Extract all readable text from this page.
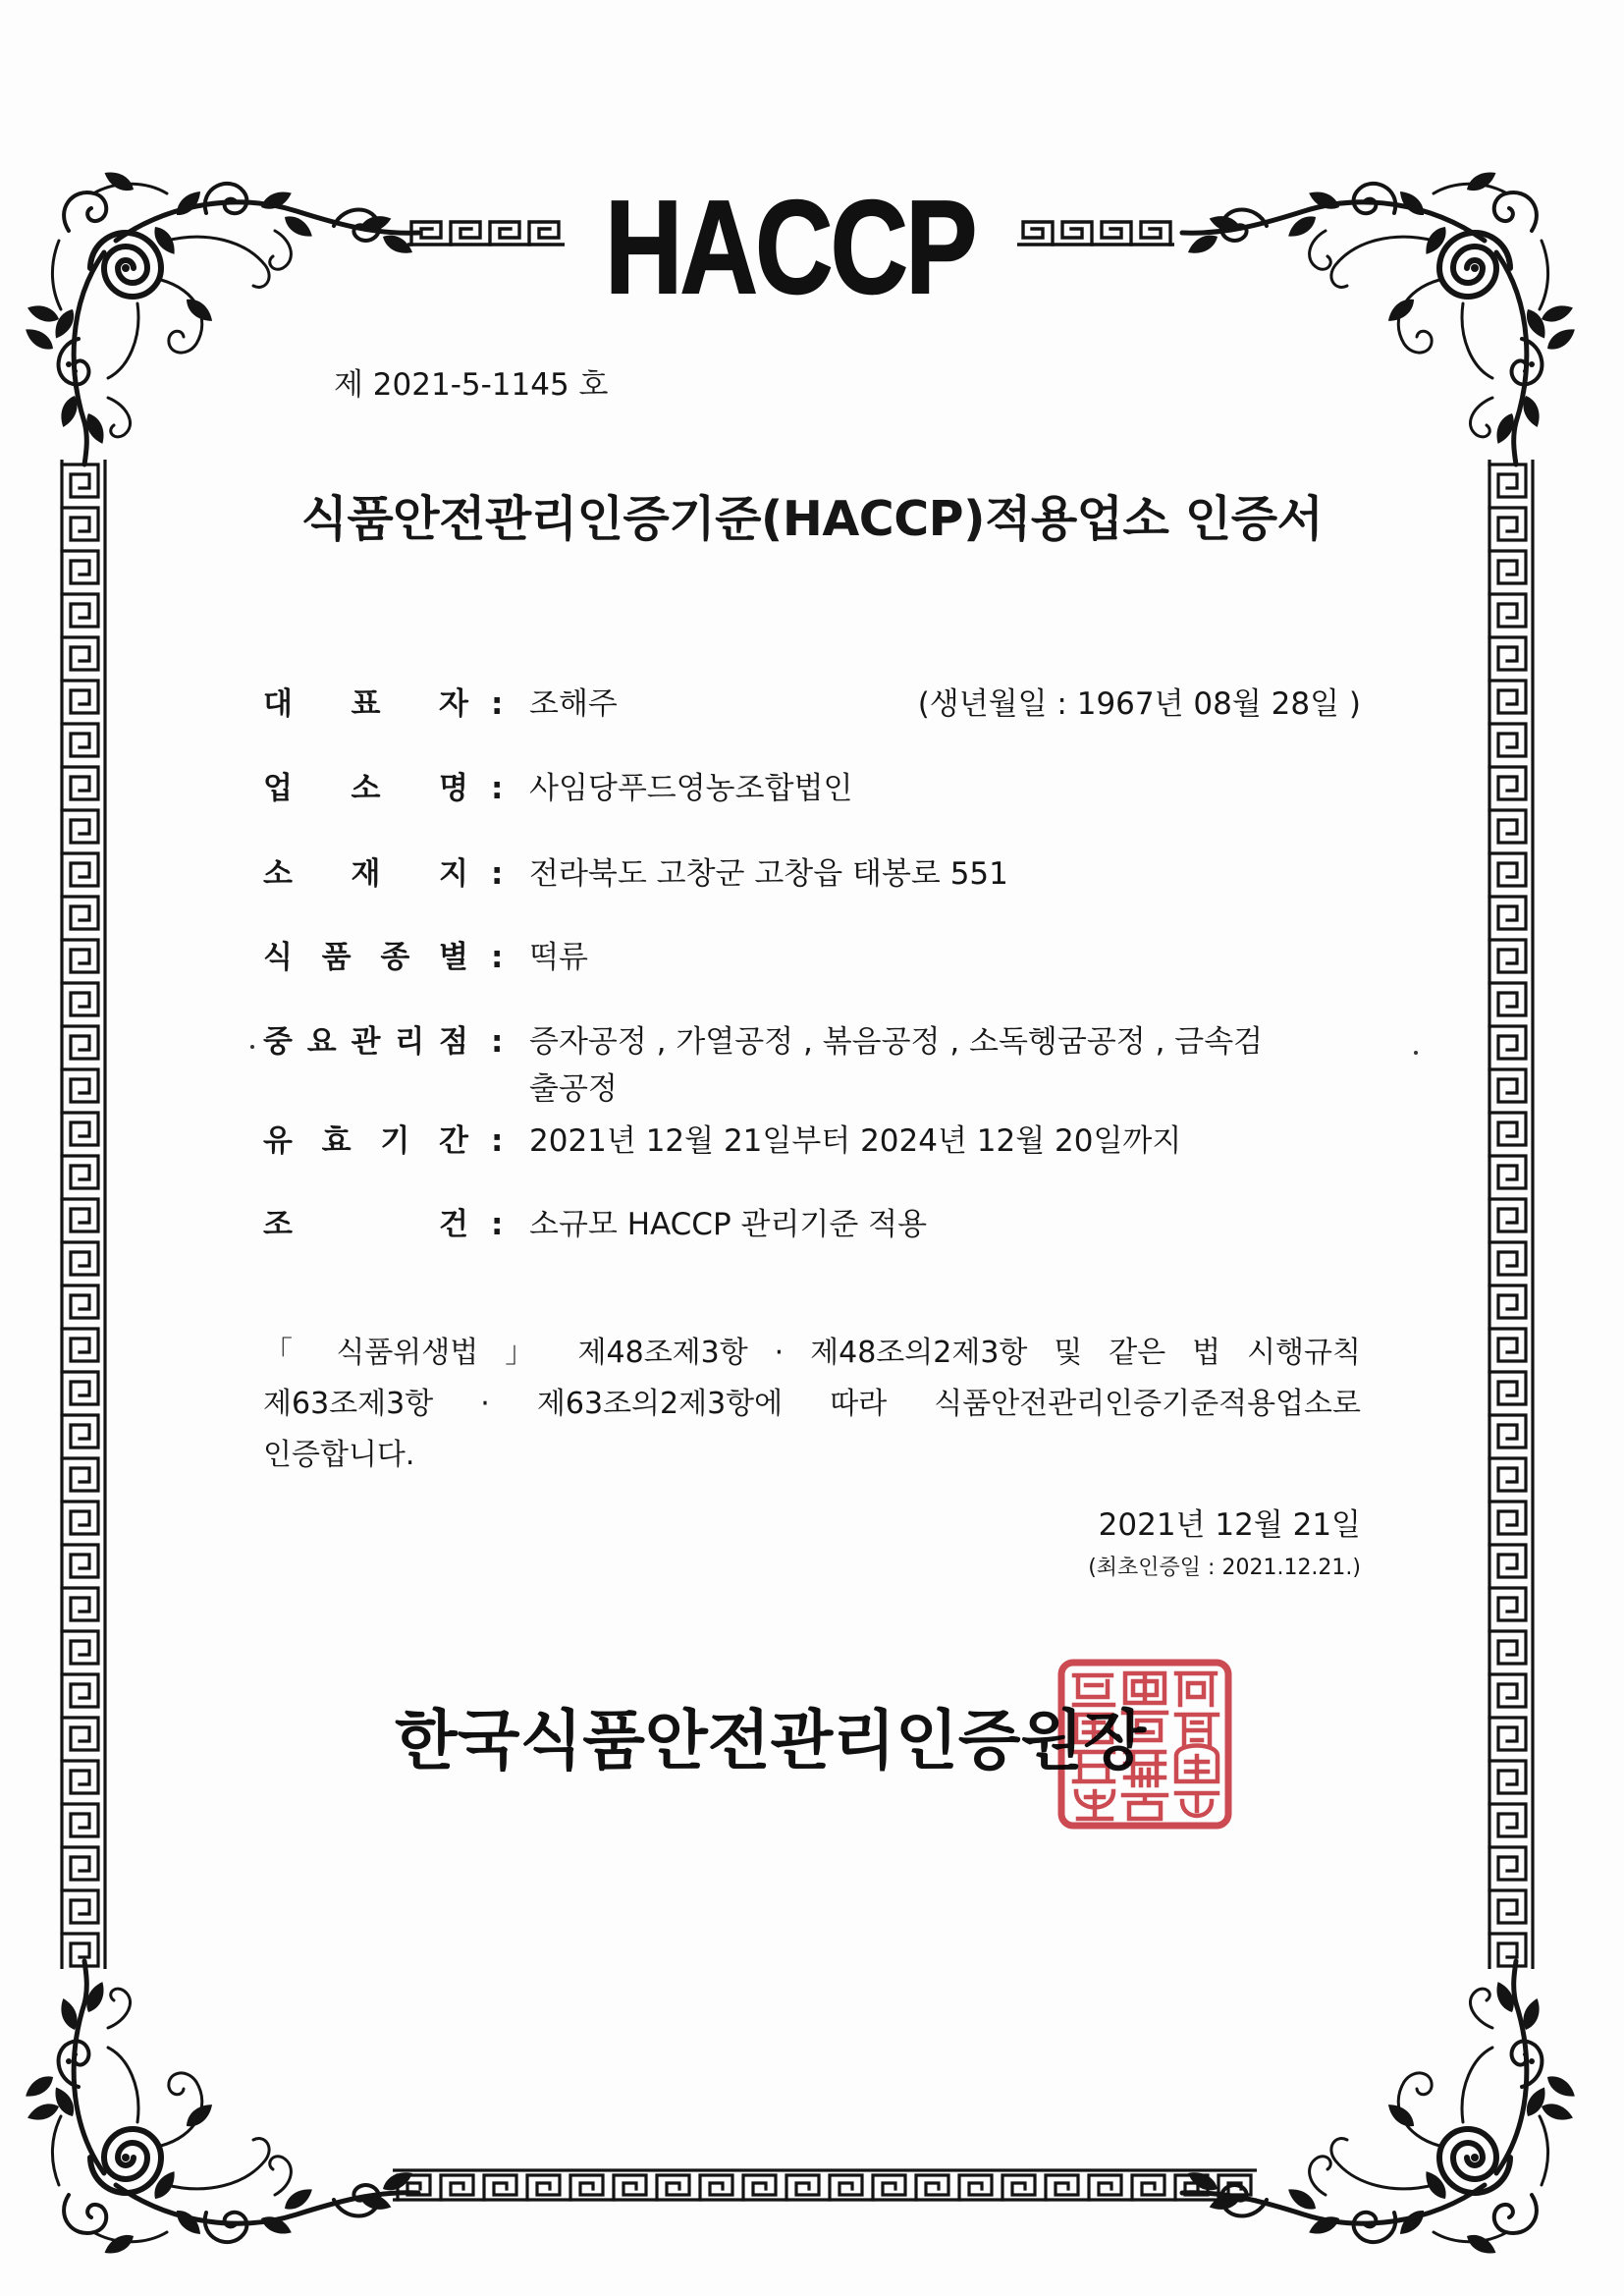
HACCP
제 2021-5-1145 호
식품안전관리인증기준(HACCP)적용업소 인증서
대 표 자 : 조해주	(생년월일 : 1967년 08월 28일 )
업 소 명 : 사임당푸드영농조합법인
소 재 지 : 전라북도 고창군 고창읍 태봉로 551
식 품 종 별 : 떡류
중 요 관 리 점 : 증자공정 , 가열공정 , 볶음공정 , 소독헹굼공정 , 금속검
출공정
유 효 기 간 : 2021년 12월 21일부터 2024년 12월 20일까지
조 건 : 소규모 HACCP 관리기준 적용
「 식품위생법 」 제48조제3항 · 제48조의2제3항 및 같은 법 시행규칙
제63조제3항 · 제63조의2제3항에 따라 식품안전관리인증기준적용업소로
인증합니다.
2021년 12월 21일
(최초인증일 : 2021.12.21.)
한국식품안전관리인증원장
